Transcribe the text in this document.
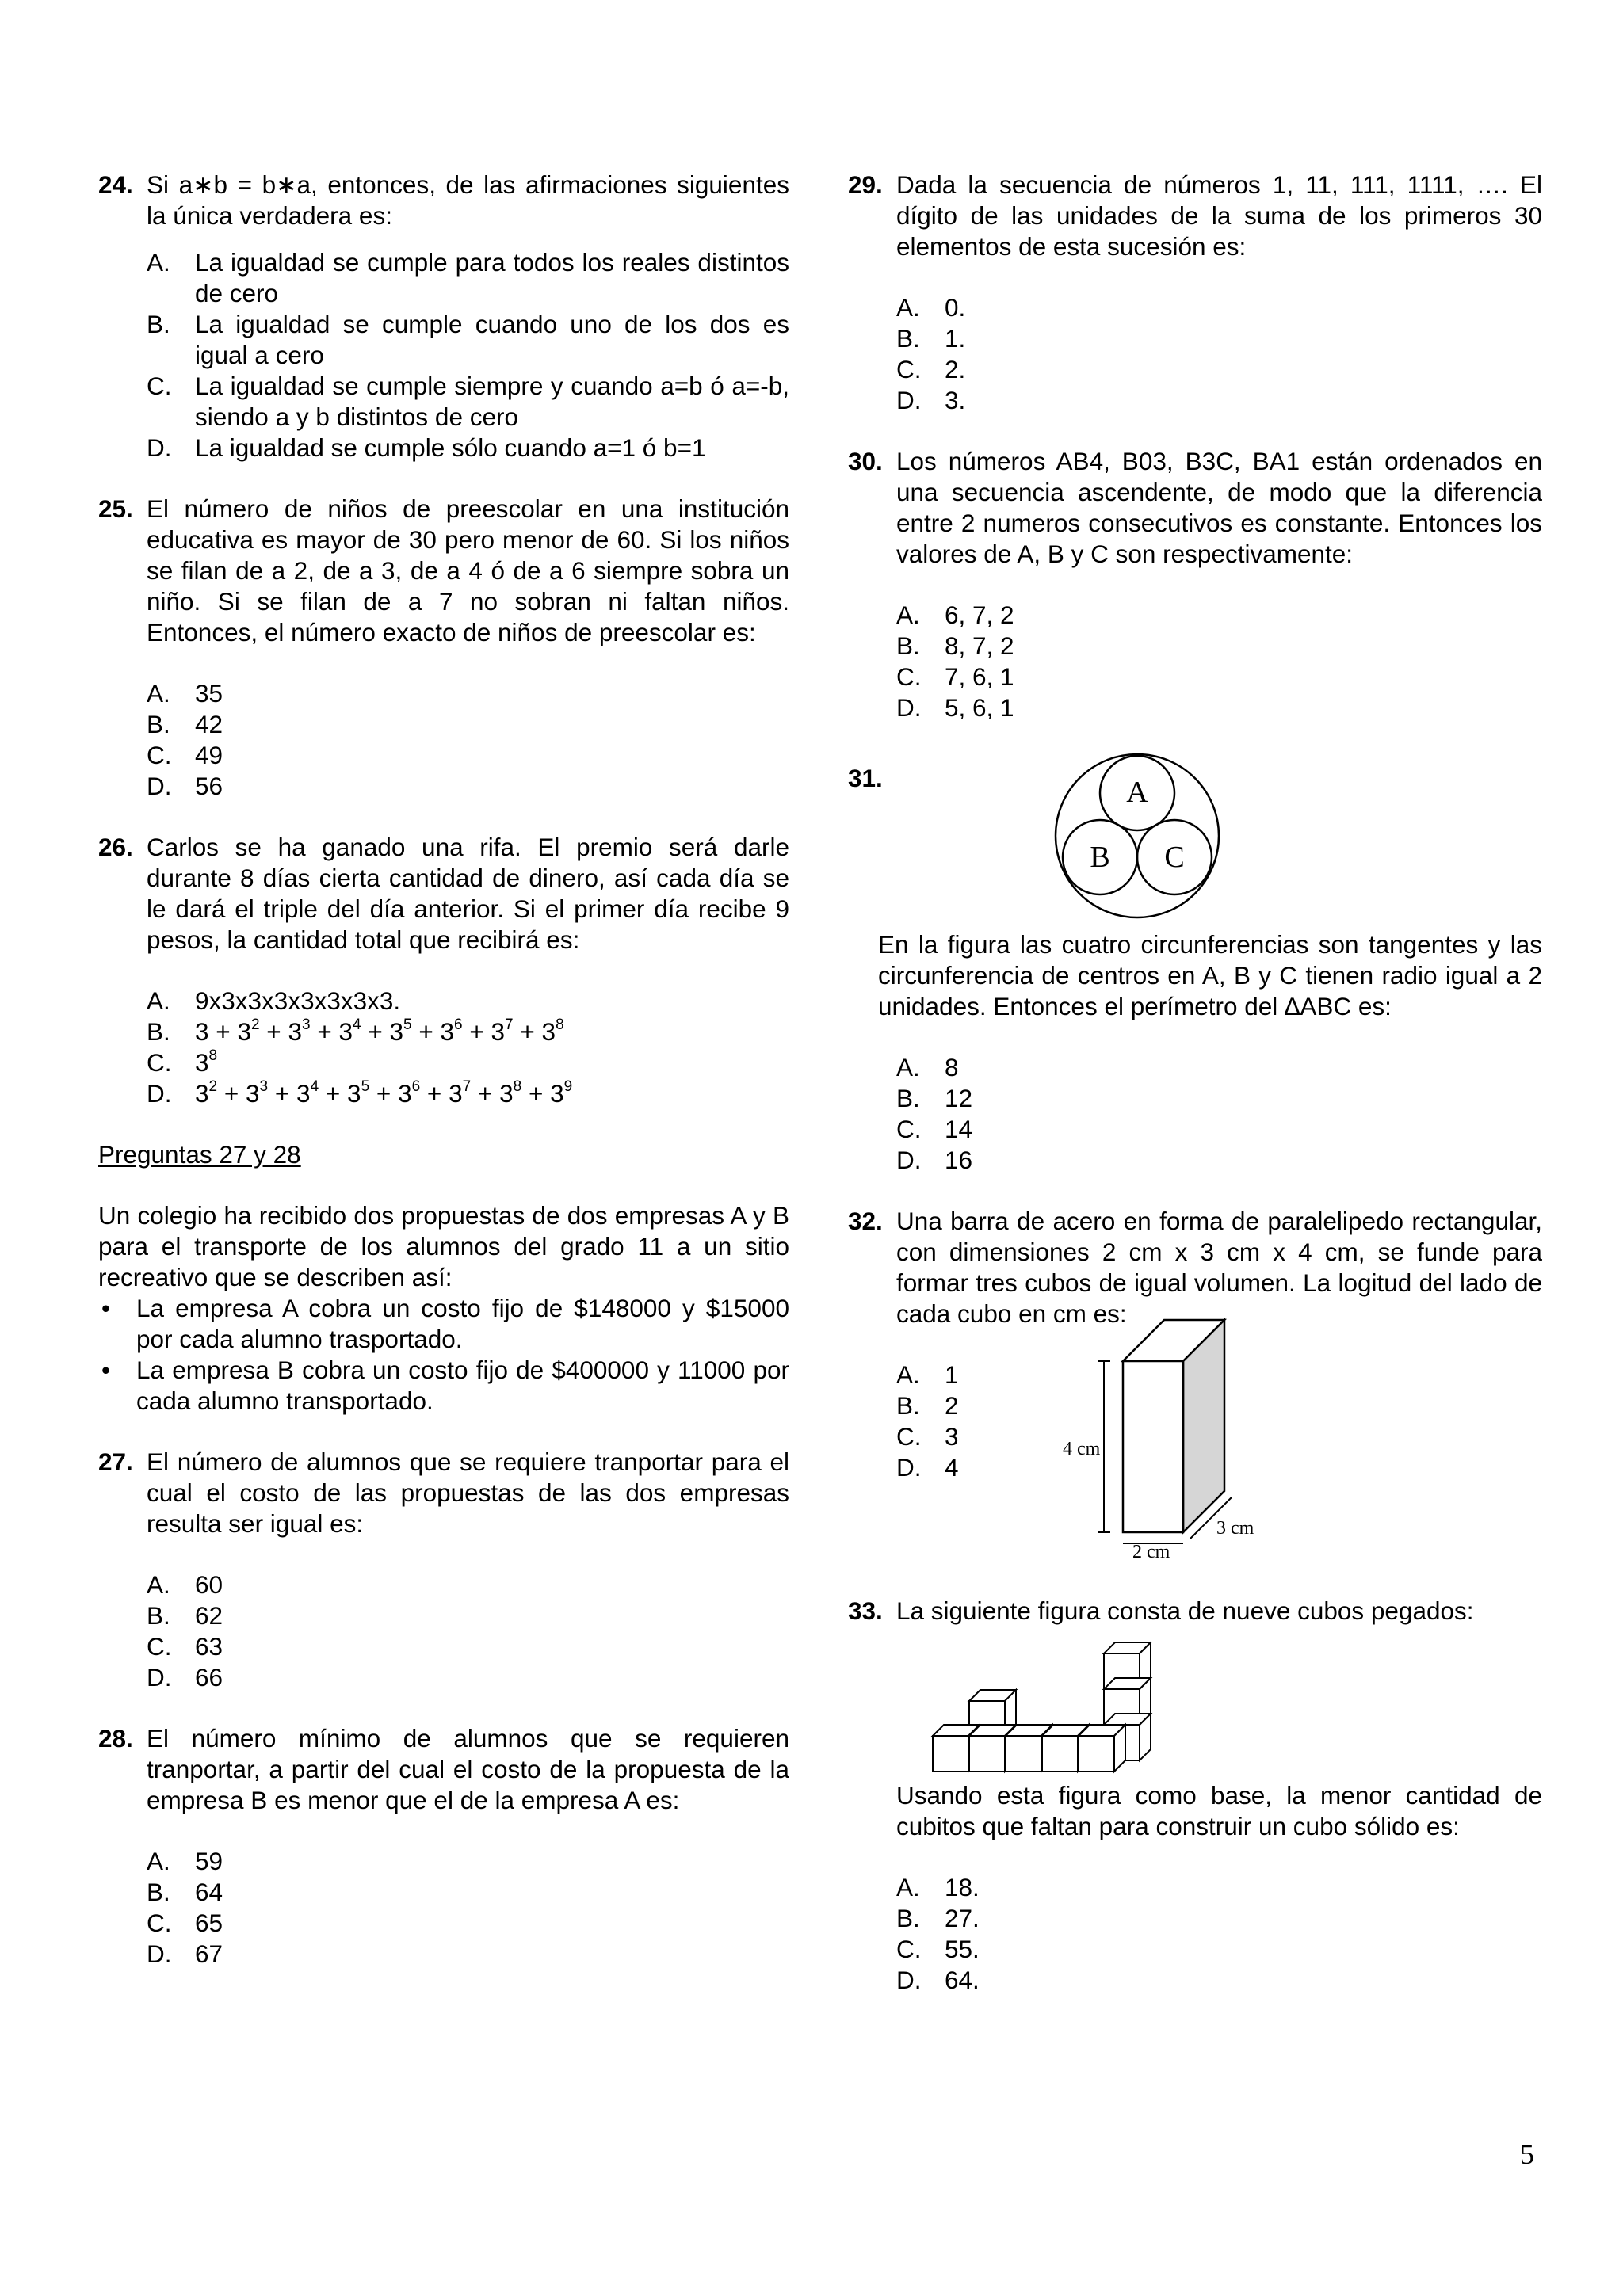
24. Si a∗b = b∗a, entonces, de las afirmaciones siguientes la única verdadera es:
A. La igualdad se cumple para todos los reales distintos de cero
B. La igualdad se cumple cuando uno de los dos es igual a cero
C. La igualdad se cumple siempre y cuando a=b ó a=-b, siendo a y b distintos de cero
D. La igualdad se cumple sólo cuando a=1 ó b=1
25. El número de niños de preescolar en una institución educativa es mayor de 30 pero menor de 60. Si los niños se filan de a 2, de a 3, de a 4 ó de a 6 siempre sobra un niño. Si se filan de a 7 no sobran ni faltan niños. Entonces, el número exacto de niños de preescolar es:
A. 35
B. 42
C. 49
D. 56
26. Carlos se ha ganado una rifa. El premio será darle durante 8 días cierta cantidad de dinero, así cada día se le dará el triple del día anterior. Si el primer día recibe 9 pesos, la cantidad total que recibirá es:
A. 9x3x3x3x3x3x3x3.
B. $3 + 3^2 + 3^3 + 3^4 + 3^5 + 3^6 + 3^7 + 3^8$
C. $3^8$
D. $3^2 + 3^3 + 3^4 + 3^5 + 3^6 + 3^7 + 3^8 + 3^9$
Preguntas 27 y 28
Un colegio ha recibido dos propuestas de dos empresas A y B para el transporte de los alumnos del grado 11 a un sitio recreativo que se describen así:
• La empresa A cobra un costo fijo de $148000 y $15000 por cada alumno trasportado.
• La empresa B cobra un costo fijo de $400000 y 11000 por cada alumno transportado.
27. El número de alumnos que se requiere tranportar para el cual el costo de las propuestas de las dos empresas resulta ser igual es:
A. 60
B. 62
C. 63
D. 66
28. El número mínimo de alumnos que se requieren tranportar, a partir del cual el costo de la propuesta de la empresa B es menor que el de la empresa A es:
A. 59
B. 64
C. 65
D. 67
29. Dada la secuencia de números 1, 11, 111, 1111, …. El dígito de las unidades de la suma de los primeros 30 elementos de esta sucesión es:
A. 0.
B. 1.
C. 2.
D. 3.
30. Los números AB4, B03, B3C, BA1 están ordenados en una secuencia ascendente, de modo que la diferencia entre 2 numeros consecutivos es constante. Entonces los valores de A, B y C son respectivamente:
A. 6, 7, 2
B. 8, 7, 2
C. 7, 6, 1
D. 5, 6, 1
31.	A
B C
En la figura las cuatro circunferencias son tangentes y las circunferencia de centros en A, B y C tienen radio igual a 2 unidades. Entonces el perímetro del ∆ABC es:
A. 8
B. 12
C. 14
D. 16
32. Una barra de acero en forma de paralelipedo rectangular, con dimensiones 2 cm x 3 cm x 4 cm, se funde para formar tres cubos de igual volumen. La logitud del lado de cada cubo en cm es:
A. 1
B. 2
C. 3
D. 4
4 cm
2 cm
3 cm
33. La siguiente figura consta de nueve cubos pegados:
Usando esta figura como base, la menor cantidad de cubitos que faltan para construir un cubo sólido es:
A. 18.
B. 27.
C. 55.
D. 64.
5
